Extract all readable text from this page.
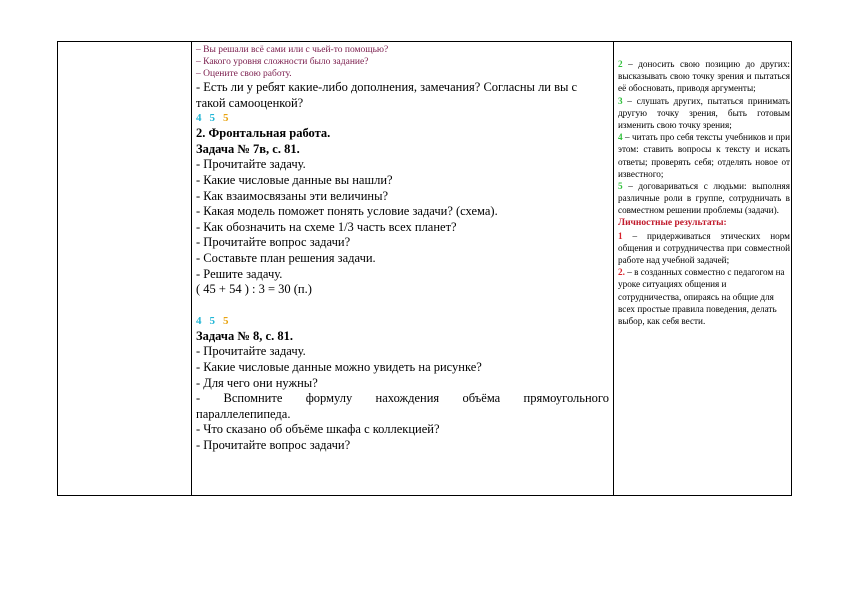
– Вы решали всё сами или с чьей-то помощью?
– Какого уровня сложности было задание?
– Оцените свою работу.
- Есть ли у ребят какие-либо дополнения, замечания? Согласны ли вы с такой самооценкой?
4 5 5
2. Фронтальная работа.
Задача № 7в, с. 81.
- Прочитайте задачу.
- Какие числовые данные вы нашли?
- Как взаимосвязаны эти величины?
- Какая модель поможет понять условие задачи? (схема).
- Как обозначить на схеме 1/3 часть всех планет?
- Прочитайте вопрос задачи?
- Составьте план решения задачи.
- Решите задачу.
( 45 + 54 ) : 3 = 30 (п.)
4 5 5
Задача № 8, с. 81.
- Прочитайте задачу.
- Какие числовые данные можно увидеть на рисунке?
- Для чего они нужны?
- Вспомните формулу нахождения объёма прямоугольного
параллелепипеда.
- Что сказано об объёме шкафа с коллекцией?
- Прочитайте вопрос задачи?
2 – доносить свою позицию до других: высказывать свою точку зрения и пытаться её обосновать, приводя аргументы;
3 – слушать других, пытаться принимать другую точку зрения, быть готовым изменить свою точку зрения;
4 – читать про себя тексты учебников и при этом: ставить вопросы к тексту и искать ответы; проверять себя; отделять новое от известного;
5 – договариваться с людьми: выполняя различные роли в группе, сотрудничать в совместном решении проблемы (задачи).
Личностные результаты:
1 – придерживаться этических норм общения и сотрудничества при совместной работе над учебной задачей;
2. – в созданных совместно с педагогом на уроке ситуациях общения и сотрудничества, опираясь на общие для всех простые правила поведения, делать выбор, как себя вести.
